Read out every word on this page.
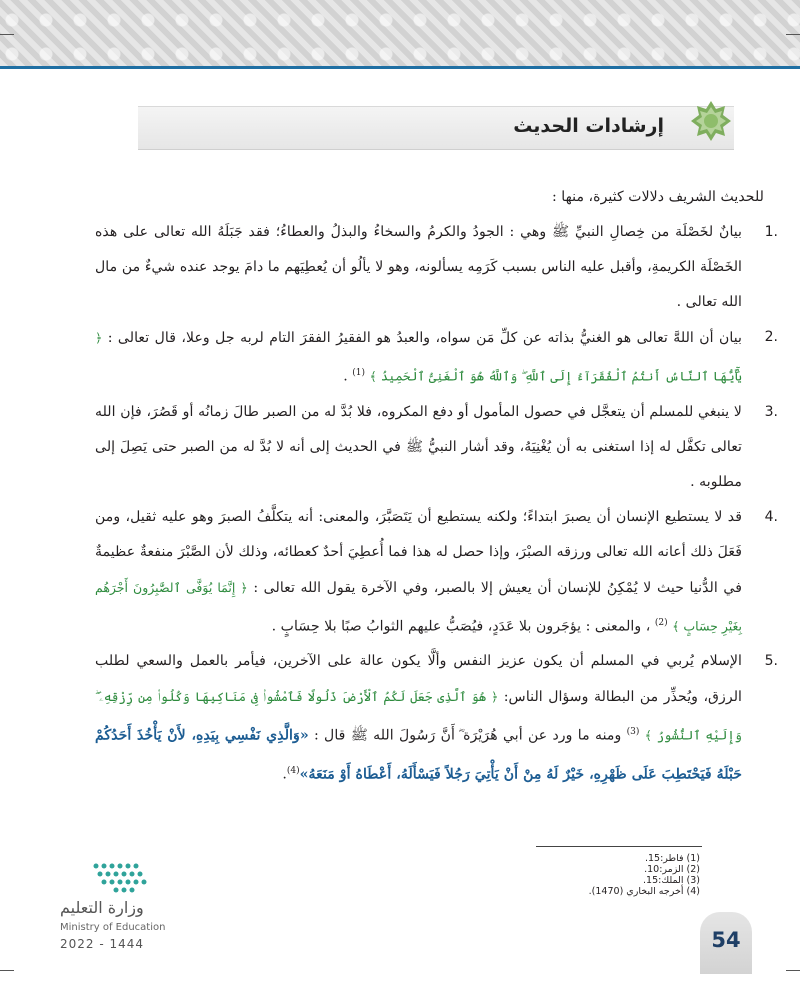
إرشادات الحديث

للحديث الشريف دلالات كثيرة، منها :

1.
بيانٌ لخَصْلَة من خِصالِ النبيِّ ﷺ وهي : الجودُ والكرمُ والسخاءُ والبذلُ والعطاءُ؛ فقد جَبَلَهُ الله تعالى على هذه الخَصْلَة الكريمةِ، وأقبل عليه الناس بسبب كَرَمِه يسألونه، وهو لا يألُو أن يُعطِيَهم ما دامَ يوجد عنده شيءٌ من مال الله تعالى .

2.
بيان أن اللهَّ تعالى هو الغنيُّ بذاته عن كلِّ مَن سواه، والعبدُ هو الفقيرُ الفقرَ التام لربه جل وعلا، قال تعالى : ﴿ يَٰٓأَيُّهَا ٱلنَّاسُ أَنتُمُ ٱلْفُقَرَآءُ إِلَى ٱللَّهِ ۖ وَٱللَّهُ هُوَ ٱلْغَنِىُّ ٱلْحَمِيدُ ﴾ $^{(1)}$ .

3.
لا ينبغي للمسلم أن يتعجَّل في حصول المأمول أو دفع المكروه، فلا بُدَّ له من الصبر طالَ زمانُه أو قَصُرَ، فإن الله تعالى تكفَّل له إذا استغنى به أن يُغْنِيَهُ، وقد أشار النبيُّ ﷺ في الحديث إلى أنه لا بُدَّ له من الصبر حتى يَصِلَ إلى مطلوبه .

4.
قد لا يستطيع الإنسان أن يصبرَ ابتداءً؛ ولكنه يستطيع أن يَتَصَبَّرَ، والمعنى: أنه يتكلَّفُ الصبرَ وهو عليه ثقيل، ومن فَعَلَ ذلك أعانه الله تعالى ورزقه الصبْرَ، وإذا حصل له هذا فما أُعطِيَ أحدٌ كعطائه، وذلك لأن الصَّبْرَ منفعةٌ عظيمةٌ في الدُّنيا حيث لا يُمْكِنُ للإنسان أن يعيش إلا بالصبر، وفي الآخرة يقول الله تعالى : ﴿ إِنَّمَا يُوَفَّى ٱلصَّٰبِرُونَ أَجْرَهُم بِغَيْرِ حِسَابٍ ﴾ $^{(2)}$ ، والمعنى : يؤجَرون بلا عَدَدٍ، فيُصَبُّ عليهم الثوابُ صبًا بلا حِسَابٍ .

5.
الإسلام يُربي في المسلم أن يكون عزيز النفس وألَّا يكون عالة على الآخرين، فيأمر بالعمل والسعي لطلب الرزق، ويُحذِّر من البطالة وسؤال الناس: ﴿ هُوَ ٱلَّذِى جَعَلَ لَكُمُ ٱلْأَرْضَ ذَلُولًا فَٱمْشُوا۟ فِى مَنَاكِبِهَا وَكُلُوا۟ مِن رِّزْقِهِۦ ۖ وَإِلَيْهِ ٱلنُّشُورُ ﴾ $^{(3)}$ ومنه ما ورد عن أبي هُرَيْرَة ؓ أَنَّ رَسُولَ الله ﷺ قال : «وَالَّذِي نَفْسِي بِيَدِهِ، لأَنْ يَأْخُذَ أَحَدُكُمْ حَبْلَهُ فَيَحْتَطِبَ عَلَى ظَهْرِهِ، خَيْرٌ لَهُ مِنْ أَنْ يَأْتِيَ رَجُلاً فَيَسْأَلَهُ، أَعْطَاهُ أَوْ مَنَعَهُ»$^{(4)}$.

(1) فاطر:15.
(2) الزمر:10.
(3) الملك:15.
(4) أخرجه البخاري (1470).
وزارة التعليم
Ministry of Education
2022 - 1444	54
